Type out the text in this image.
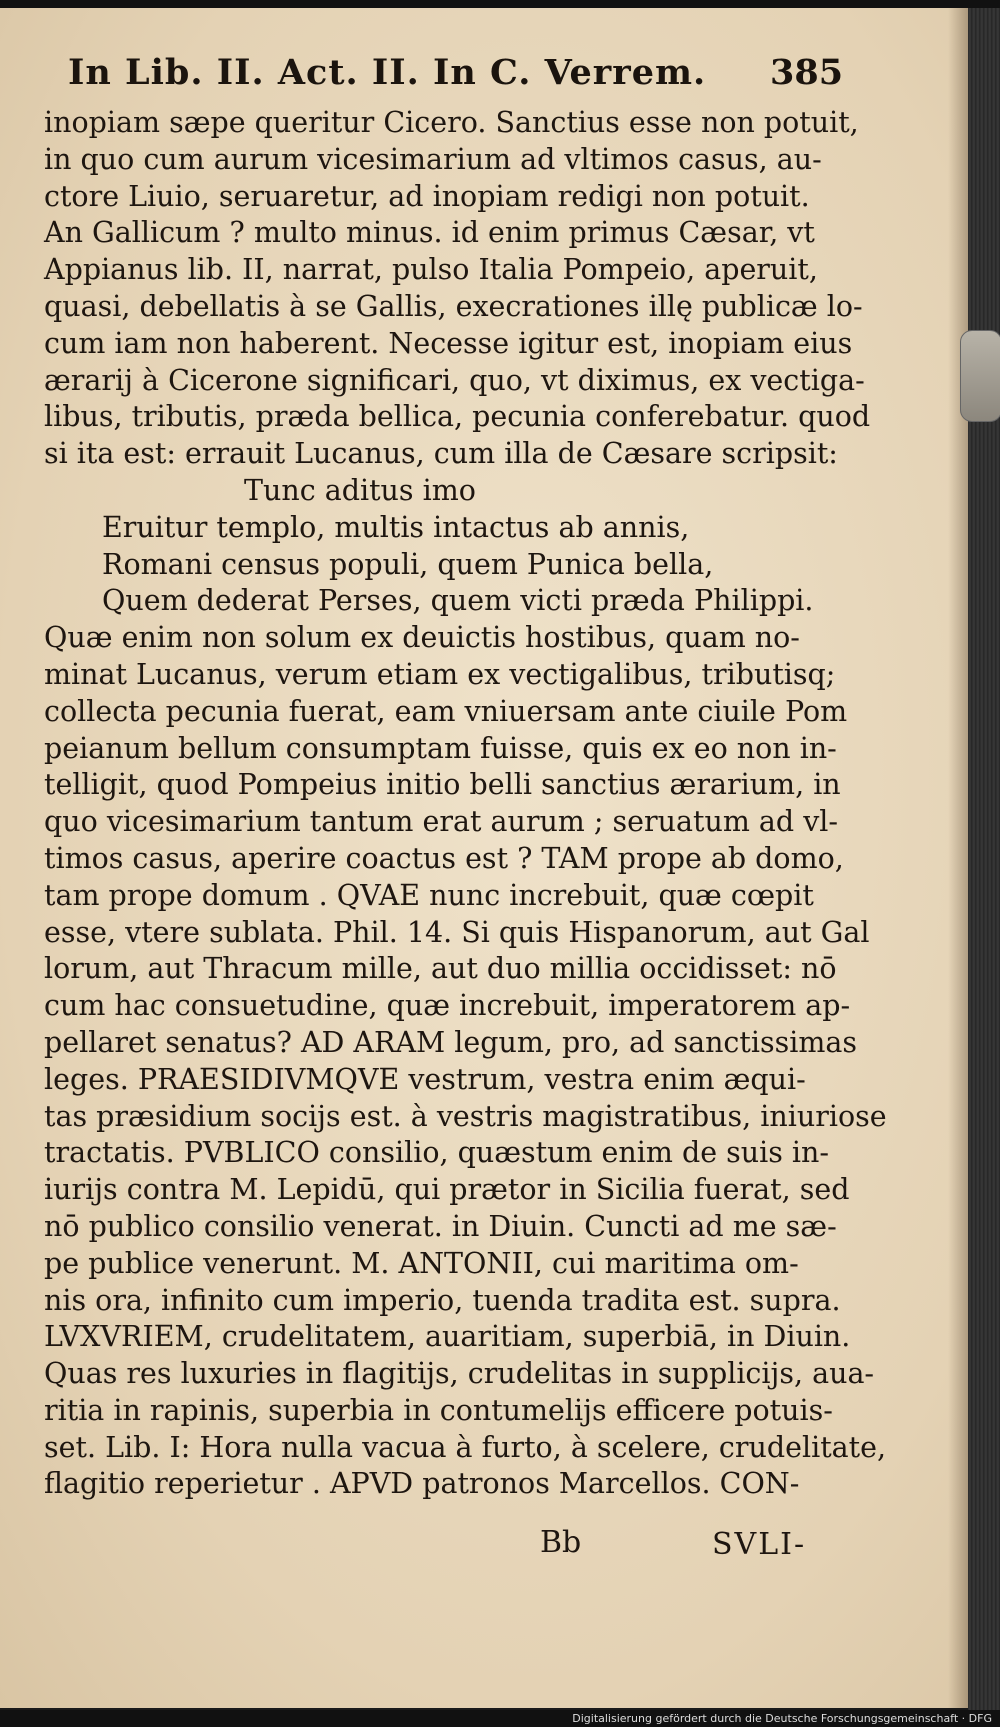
In Lib. II. Act. II. In C. Verrem.	385
inopiam sæpe queritur Cicero. Sanctius esse non potuit,
in quo cum aurum vicesimarium ad vltimos casus, au-
ctore Liuio, seruaretur, ad inopiam redigi non potuit.
An Gallicum ? multo minus. id enim primus Cæsar, vt
Appianus lib. II, narrat, pulso Italia Pompeio, aperuit,
quasi, debellatis à se Gallis, execrationes illę publicæ lo-
cum iam non haberent. Necesse igitur est, inopiam eius
ærarij à Cicerone significari, quo, vt diximus, ex vectiga-
libus, tributis, præda bellica, pecunia conferebatur. quod
si ita est: errauit Lucanus, cum illa de Cæsare scripsit:
Tunc aditus imo
Eruitur templo, multis intactus ab annis,
Romani census populi, quem Punica bella,
Quem dederat Perses, quem victi præda Philippi.
Quæ enim non solum ex deuictis hostibus, quam no-
minat Lucanus, verum etiam ex vectigalibus, tributisq;
collecta pecunia fuerat, eam vniuersam ante ciuile Pom
peianum bellum consumptam fuisse, quis ex eo non in-
telligit, quod Pompeius initio belli sanctius ærarium, in
quo vicesimarium tantum erat aurum ; seruatum ad vl-
timos casus, aperire coactus est ? TAM prope ab domo,
tam prope domum . QVAE nunc increbuit, quæ cœpit
esse, vtere sublata. Phil. 14. Si quis Hispanorum, aut Gal
lorum, aut Thracum mille, aut duo millia occidisset: nō
cum hac consuetudine, quæ increbuit, imperatorem ap-
pellaret senatus? AD ARAM legum, pro, ad sanctissimas
leges. PRAESIDIVMQVE vestrum, vestra enim æqui-
tas præsidium socijs est. à vestris magistratibus, iniuriose
tractatis. PVBLICO consilio, quæstum enim de suis in-
iurijs contra M. Lepidū, qui prætor in Sicilia fuerat, sed
nō publico consilio venerat. in Diuin. Cuncti ad me sæ-
pe publice venerunt. M. ANTONII, cui maritima om-
nis ora, infinito cum imperio, tuenda tradita est. supra.
LVXVRIEM, crudelitatem, auaritiam, superbiā, in Diuin.
Quas res luxuries in flagitijs, crudelitas in supplicijs, aua-
ritia in rapinis, superbia in contumelijs efficere potuis-
set. Lib. I: Hora nulla vacua à furto, à scelere, crudelitate,
flagitio reperietur . APVD patronos Marcellos. CON-
Bb	SVLI-
Digitalisierung gefördert durch die Deutsche Forschungsgemeinschaft · DFG
